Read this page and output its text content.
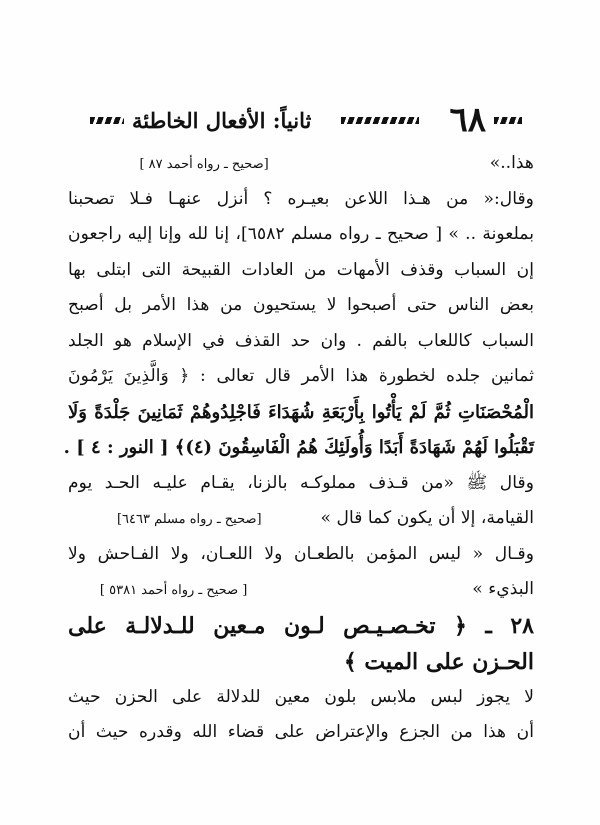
٦٨
ثانياً: الأفعال الخاطئة
هذا..»  [صحيح ـ رواه أحمد ٨٧ ]
وقال:« من هـذا اللاعن بعيـره ؟ أنزل عنهـا فـلا تصحبنا
بملعونة .. » [ صحيح ـ رواه مسلم ٦٥٨٢]، إنا لله وإنا إليه راجعون
إن السباب وقذف الأمهات من العادات القبيحة التى ابتلى بها
بعض الناس حتى أصبحوا لا يستحيون من هذا الأمر بل أصبح
السباب كاللعاب بالفم . وان حد القذف في الإسلام هو الجلد
ثمانين جلده لخطورة هذا الأمر قال تعالى : ﴿ وَالَّذِينَ يَرْمُونَ
الْمُحْصَنَاتِ ثُمَّ لَمْ يَأْتُوا بِأَرْبَعَةِ شُهَدَاءَ فَاجْلِدُوهُمْ ثَمَانِينَ جَلْدَةً وَلَا
تَقْبَلُوا لَهُمْ شَهَادَةً أَبَدًا وَأُولَئِكَ هُمُ الْفَاسِقُونَ (٤)﴾ [ النور : ٤ ] .
وقال ﷺ «من قـذف مملوكـه بالزنا، يقـام عليـه الحـد يوم
القيامة، إلا أن يكون كما قال »  [صحيح ـ رواه مسلم ٦٤٦٣]
وقـال « ليس المؤمن بالطعـان ولا اللعـان، ولا الفـاحش ولا
البذيء »  [ صحيح ـ رواه أحمد ٥٣٨١ ]
٢٨ ـ ﴿ تخـصـيـص لـون مـعين للـدلالـة على
الحـزن على الميت ﴾
لا يجوز لبس ملابس بلون معين للدلالة على الحزن حيث
أن هذا من الجزع والإعتراض على قضاء الله وقدره حيث أن
